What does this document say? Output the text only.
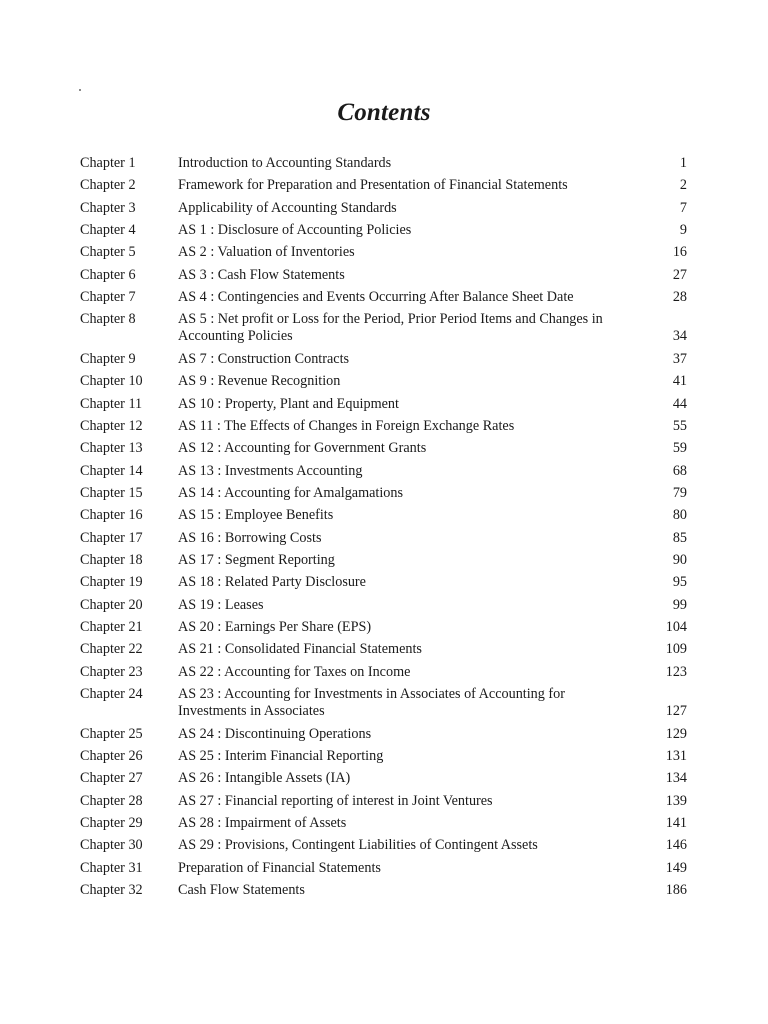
Contents
Chapter 1	Introduction to Accounting Standards	1
Chapter 2	Framework for Preparation and Presentation of Financial Statements	2
Chapter 3	Applicability of Accounting Standards	7
Chapter 4	AS 1 : Disclosure of Accounting Policies	9
Chapter 5	AS 2 : Valuation of Inventories	16
Chapter 6	AS 3 : Cash Flow Statements	27
Chapter 7	AS 4 : Contingencies and Events Occurring After Balance Sheet Date	28
Chapter 8	AS 5 : Net profit or Loss for the Period, Prior Period Items and Changes in Accounting Policies	34
Chapter 9	AS 7 : Construction Contracts	37
Chapter 10 AS 9 : Revenue Recognition	41
Chapter 11	AS 10 : Property, Plant and Equipment	44
Chapter 12 AS 11 : The Effects of Changes in Foreign Exchange Rates	55
Chapter 13 AS 12 : Accounting for Government Grants	59
Chapter 14 AS 13 : Investments Accounting	68
Chapter 15 AS 14 : Accounting for Amalgamations	79
Chapter 16 AS 15 : Employee Benefits	80
Chapter 17 AS 16 : Borrowing Costs	85
Chapter 18 AS 17 : Segment Reporting	90
Chapter 19 AS 18 : Related Party Disclosure	95
Chapter 20 AS 19 : Leases	99
Chapter 21 AS 20 : Earnings Per Share (EPS)	104
Chapter 22 AS 21 : Consolidated Financial Statements	109
Chapter 23 AS 22 : Accounting for Taxes on Income	123
Chapter 24 AS 23 : Accounting for Investments in Associates of Accounting for Investments in Associates	127
Chapter 25 AS 24 : Discontinuing Operations	129
Chapter 26 AS 25 : Interim Financial Reporting	131
Chapter 27 AS 26 : Intangible Assets (IA)	134
Chapter 28 AS 27 : Financial reporting of interest in Joint Ventures	139
Chapter 29 AS 28 : Impairment of Assets	141
Chapter 30 AS 29 : Provisions, Contingent Liabilities of Contingent Assets	146
Chapter 31 Preparation of Financial Statements	149
Chapter 32 Cash Flow Statements	186
